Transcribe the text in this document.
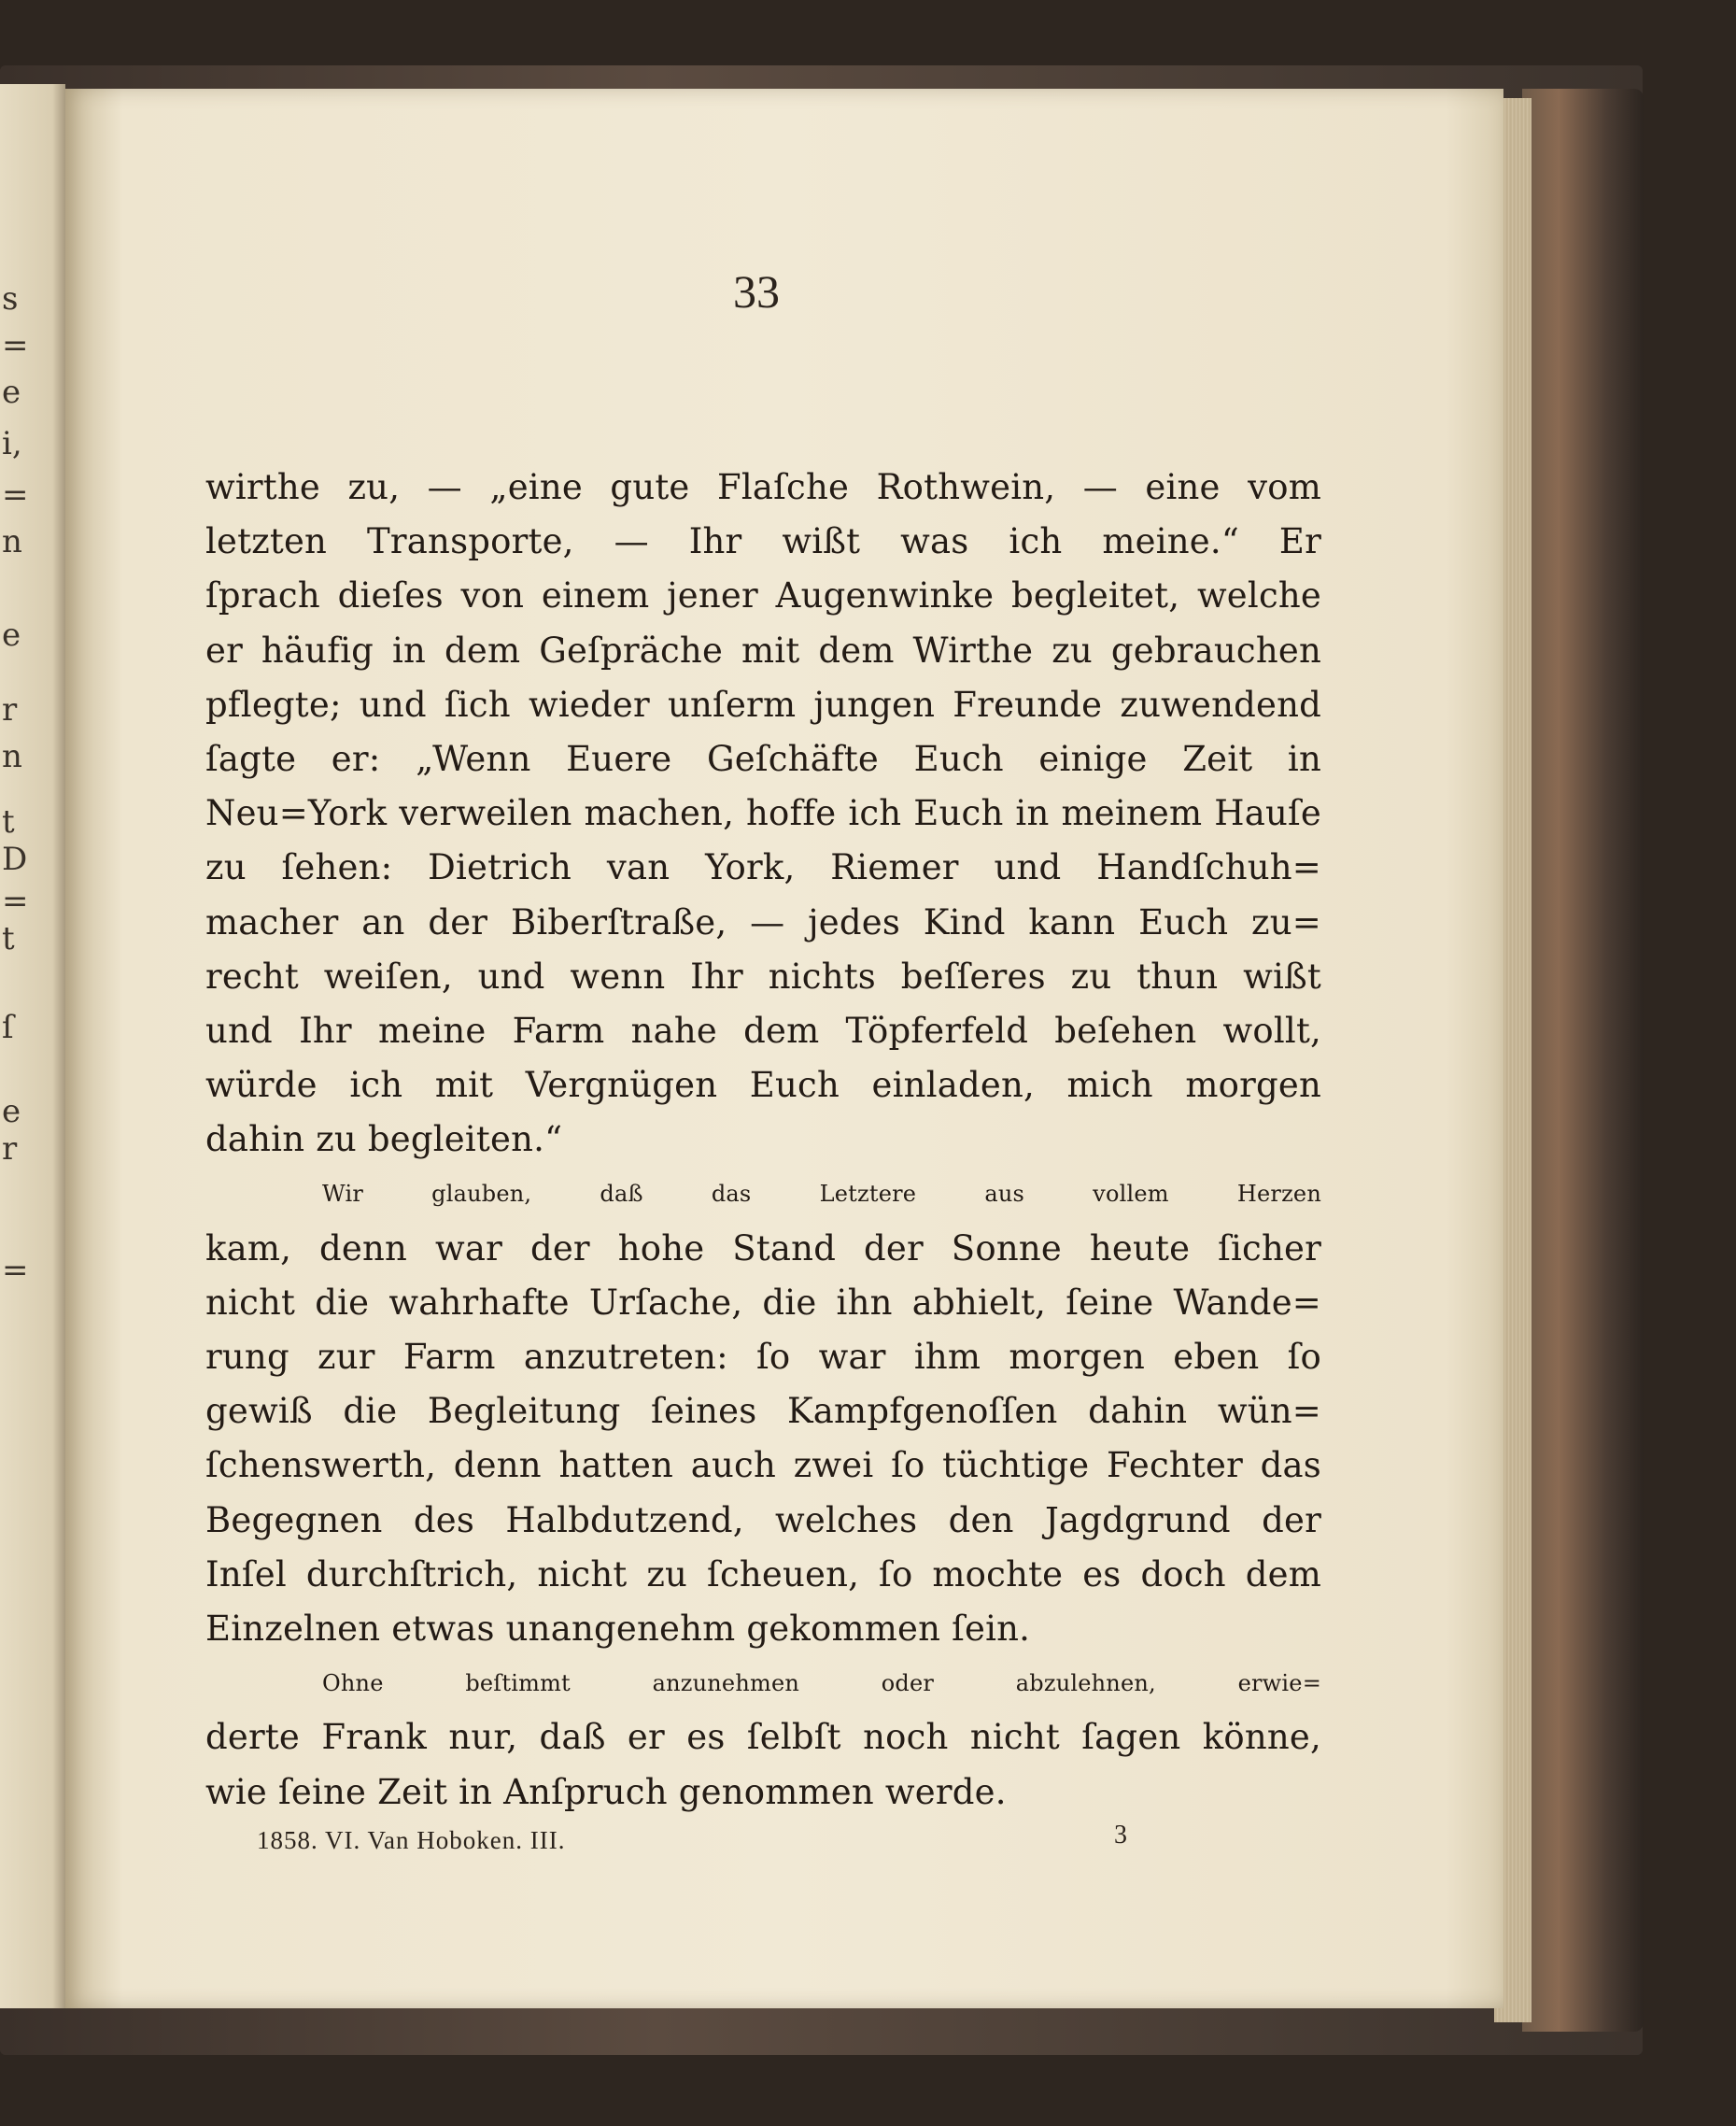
s
=
e
i,
=
n
e
r
n
t
D
=
t
ſ
e
r
=
33
wirthe zu, — „eine gute Flaſche Rothwein, — eine vom
letzten Transporte, — Ihr wißt was ich meine.“ Er
ſprach dieſes von einem jener Augenwinke begleitet, welche
er häufig in dem Geſpräche mit dem Wirthe zu gebrauchen
pflegte; und ſich wieder unſerm jungen Freunde zuwendend
ſagte er: „Wenn Euere Geſchäfte Euch einige Zeit in
Neu=York verweilen machen, hoffe ich Euch in meinem Hauſe
zu ſehen: Dietrich van York, Riemer und Handſchuh=
macher an der Biberſtraße, — jedes Kind kann Euch zu=
recht weiſen, und wenn Ihr nichts beſſeres zu thun wißt
und Ihr meine Farm nahe dem Töpferfeld beſehen wollt,
würde ich mit Vergnügen Euch einladen, mich morgen
dahin zu begleiten.“
Wir glauben, daß das Letztere aus vollem Herzen
kam, denn war der hohe Stand der Sonne heute ſicher
nicht die wahrhafte Urſache, die ihn abhielt, ſeine Wande=
rung zur Farm anzutreten: ſo war ihm morgen eben ſo
gewiß die Begleitung ſeines Kampfgenoſſen dahin wün=
ſchenswerth, denn hatten auch zwei ſo tüchtige Fechter das
Begegnen des Halbdutzend, welches den Jagdgrund der
Inſel durchſtrich, nicht zu ſcheuen, ſo mochte es doch dem
Einzelnen etwas unangenehm gekommen ſein.
Ohne beſtimmt anzunehmen oder abzulehnen, erwie=
derte Frank nur, daß er es ſelbſt noch nicht ſagen könne,
wie ſeine Zeit in Anſpruch genommen werde.
1858. VI. Van Hoboken. III.	3
